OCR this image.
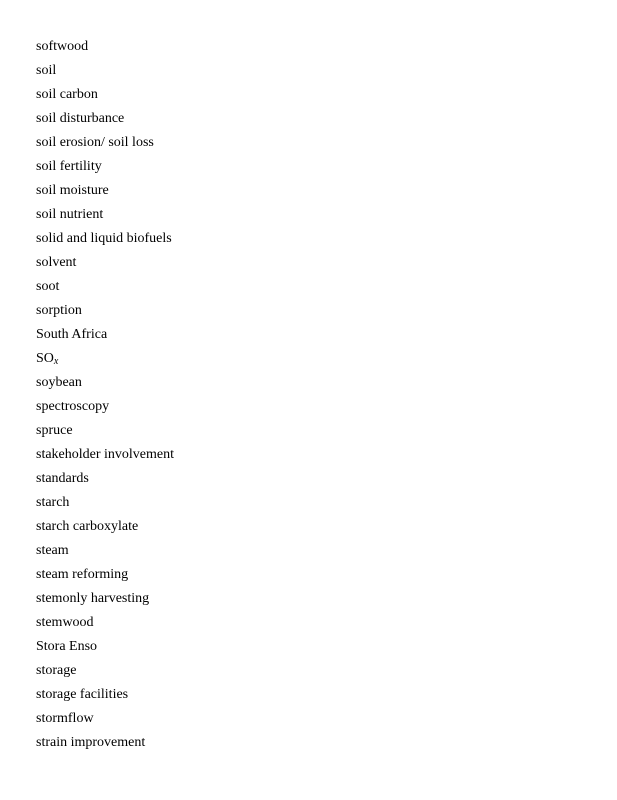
softwood
soil
soil carbon
soil disturbance
soil erosion/ soil loss
soil fertility
soil moisture
soil nutrient
solid and liquid biofuels
solvent
soot
sorption
South Africa
$SO_x$
soybean
spectroscopy
spruce
stakeholder involvement
standards
starch
starch carboxylate
steam
steam reforming
stemonly harvesting
stemwood
Stora Enso
storage
storage facilities
stormflow
strain improvement
